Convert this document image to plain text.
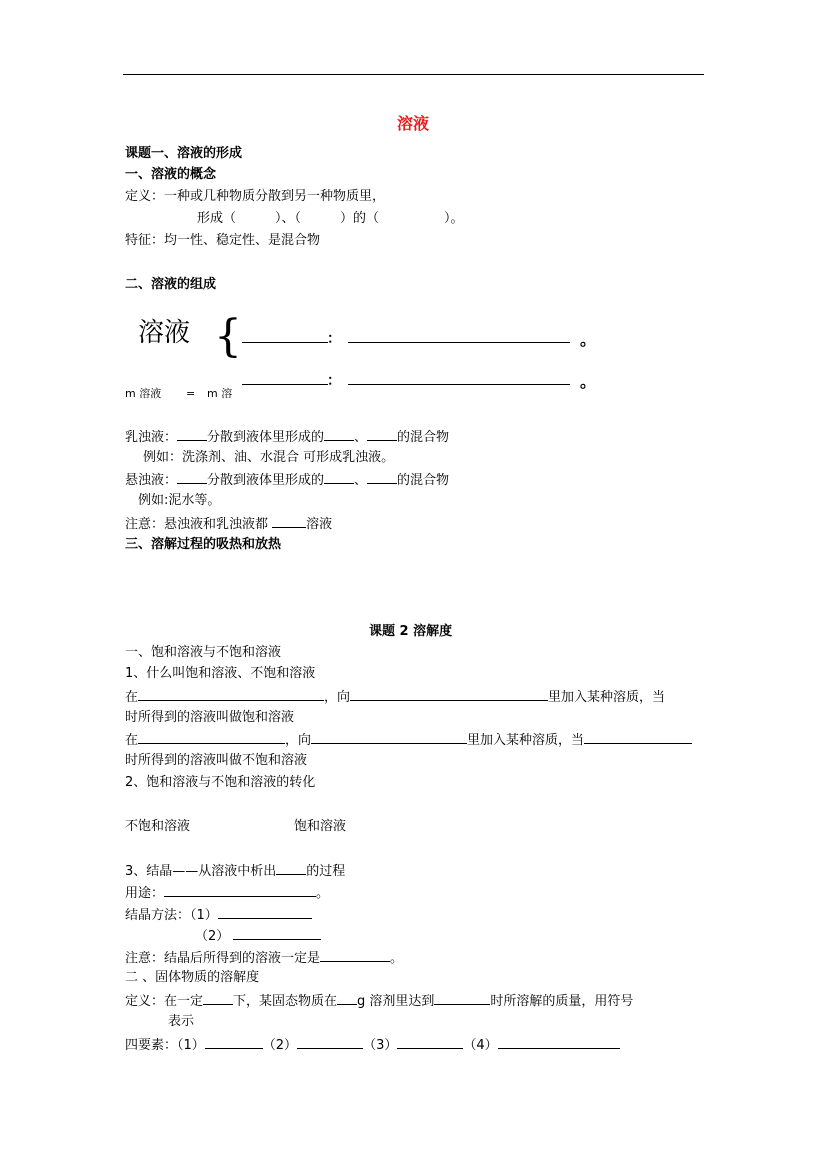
溶液
课题一、溶液的形成
一、溶液的概念
定义：一种或几种物质分散到另一种物质里，
形成（　　　）、（　　　）的（　　　　　）。
特征：均一性、稳定性、是混合物
二、溶液的组成
溶液 {	：	。
：	。
m 溶液 = m 溶
乳浊液： 分散到液体里形成的 、 的混合物
例如：洗涤剂、油、水混合 可形成乳浊液。
悬浊液： 分散到液体里形成的 、 的混合物
例如:泥水等。
注意：悬浊液和乳浊液都	溶液
三、溶解过程的吸热和放热
课题 2 溶解度
一、饱和溶液与不饱和溶液
1、什么叫饱和溶液、不饱和溶液
在	，向	里加入某种溶质，当
时所得到的溶液叫做饱和溶液
在	，向	里加入某种溶质，当
时所得到的溶液叫做不饱和溶液
2、饱和溶液与不饱和溶液的转化
不饱和溶液	饱和溶液
3、结晶——从溶液中析出 的过程
用途：	。
结晶方法：（1）
（2）
注意：结晶后所得到的溶液一定是	。
二 、固体物质的溶解度
定义：在一定 下，某固态物质在 g 溶剂里达到	时所溶解的质量，用符号
表示
四要素：（1）	（2）	（3）	（4）
